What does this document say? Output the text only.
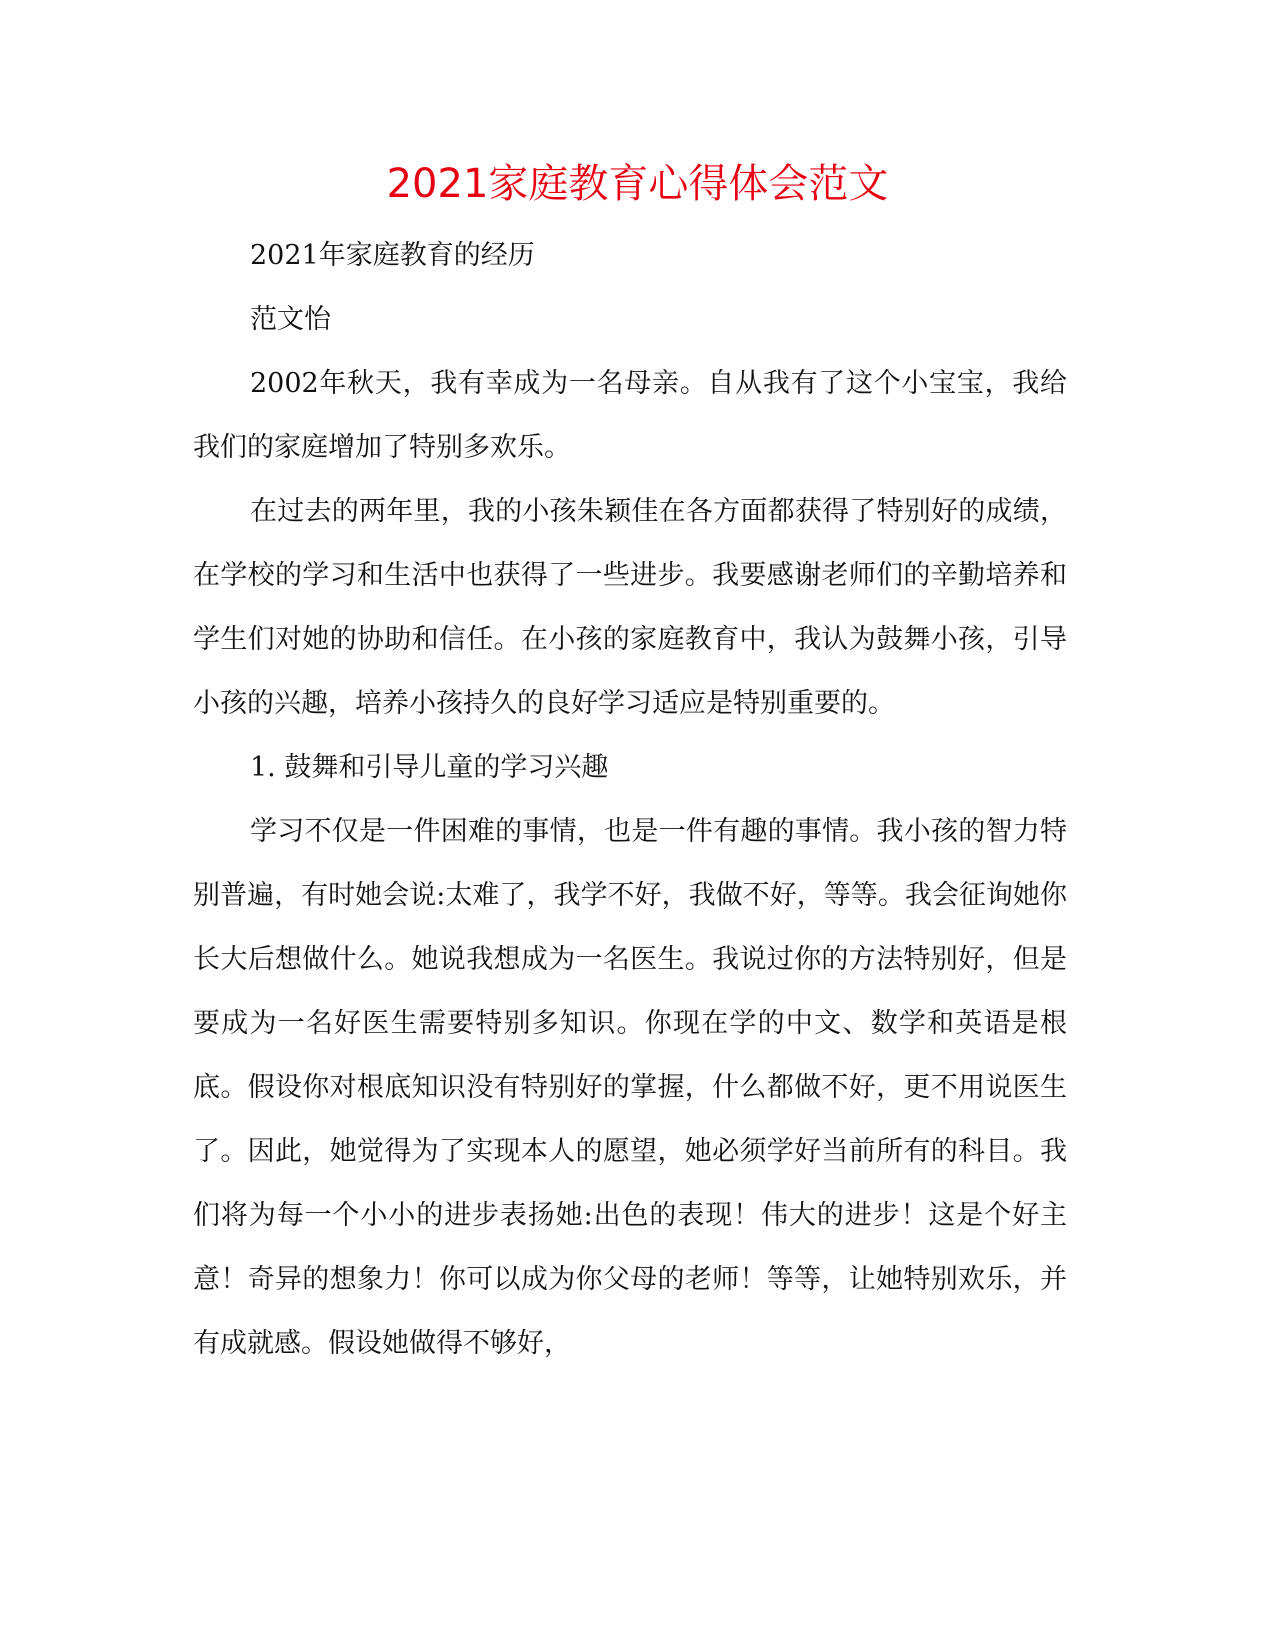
2021家庭教育心得体会范文

2021年家庭教育的经历

范文怡

2002年秋天，我有幸成为一名母亲。自从我有了这个小宝宝，我给我们的家庭增加了特别多欢乐。

在过去的两年里，我的小孩朱颖佳在各方面都获得了特别好的成绩，在学校的学习和生活中也获得了一些进步。我要感谢老师们的辛勤培养和学生们对她的协助和信任。在小孩的家庭教育中，我认为鼓舞小孩，引导小孩的兴趣，培养小孩持久的良好学习适应是特别重要的。

1. 鼓舞和引导儿童的学习兴趣

学习不仅是一件困难的事情，也是一件有趣的事情。我小孩的智力特别普遍，有时她会说:太难了，我学不好，我做不好，等等。我会征询她你长大后想做什么。她说我想成为一名医生。我说过你的方法特别好，但是要成为一名好医生需要特别多知识。你现在学的中文、数学和英语是根底。假设你对根底知识没有特别好的掌握，什么都做不好，更不用说医生了。因此，她觉得为了实现本人的愿望，她必须学好当前所有的科目。我们将为每一个小小的进步表扬她:出色的表现！伟大的进步！这是个好主意！奇异的想象力！你可以成为你父母的老师！等等，让她特别欢乐，并有成就感。假设她做得不够好，
